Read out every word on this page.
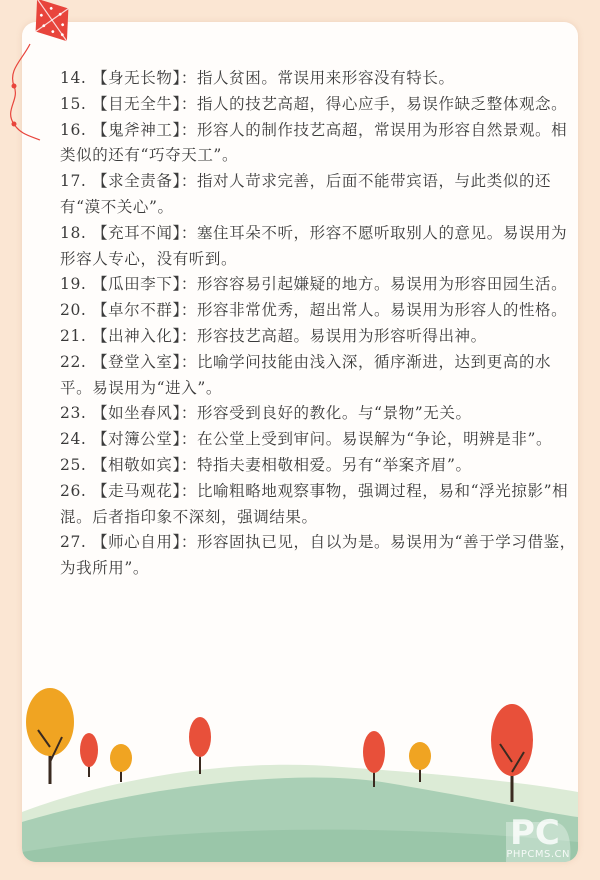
14. 【身无长物】：指人贫困。常误用来形容没有特长。

15. 【目无全牛】：指人的技艺高超，得心应手，易误作缺乏整体观念。

16. 【鬼斧神工】：形容人的制作技艺高超，常误用为形容自然景观。相类似的还有“巧夺天工”。

17. 【求全责备】：指对人苛求完善，后面不能带宾语，与此类似的还有“漠不关心”。

18. 【充耳不闻】：塞住耳朵不听，形容不愿听取别人的意见。易误用为形容人专心，没有听到。

19. 【瓜田李下】：形容容易引起嫌疑的地方。易误用为形容田园生活。

20. 【卓尔不群】：形容非常优秀，超出常人。易误用为形容人的性格。

21. 【出神入化】：形容技艺高超。易误用为形容听得出神。

22. 【登堂入室】：比喻学问技能由浅入深，循序渐进，达到更高的水平。易误用为“进入”。

23. 【如坐春风】：形容受到良好的教化。与“景物”无关。

24. 【对簿公堂】：在公堂上受到审问。易误解为“争论，明辨是非”。

25. 【相敬如宾】：特指夫妻相敬相爱。另有“举案齐眉”。

26. 【走马观花】：比喻粗略地观察事物，强调过程，易和“浮光掠影”相混。后者指印象不深刻，强调结果。

27. 【师心自用】：形容固执已见，自以为是。易误用为“善于学习借鉴，为我所用”。

PC
PHPCMS.CN
